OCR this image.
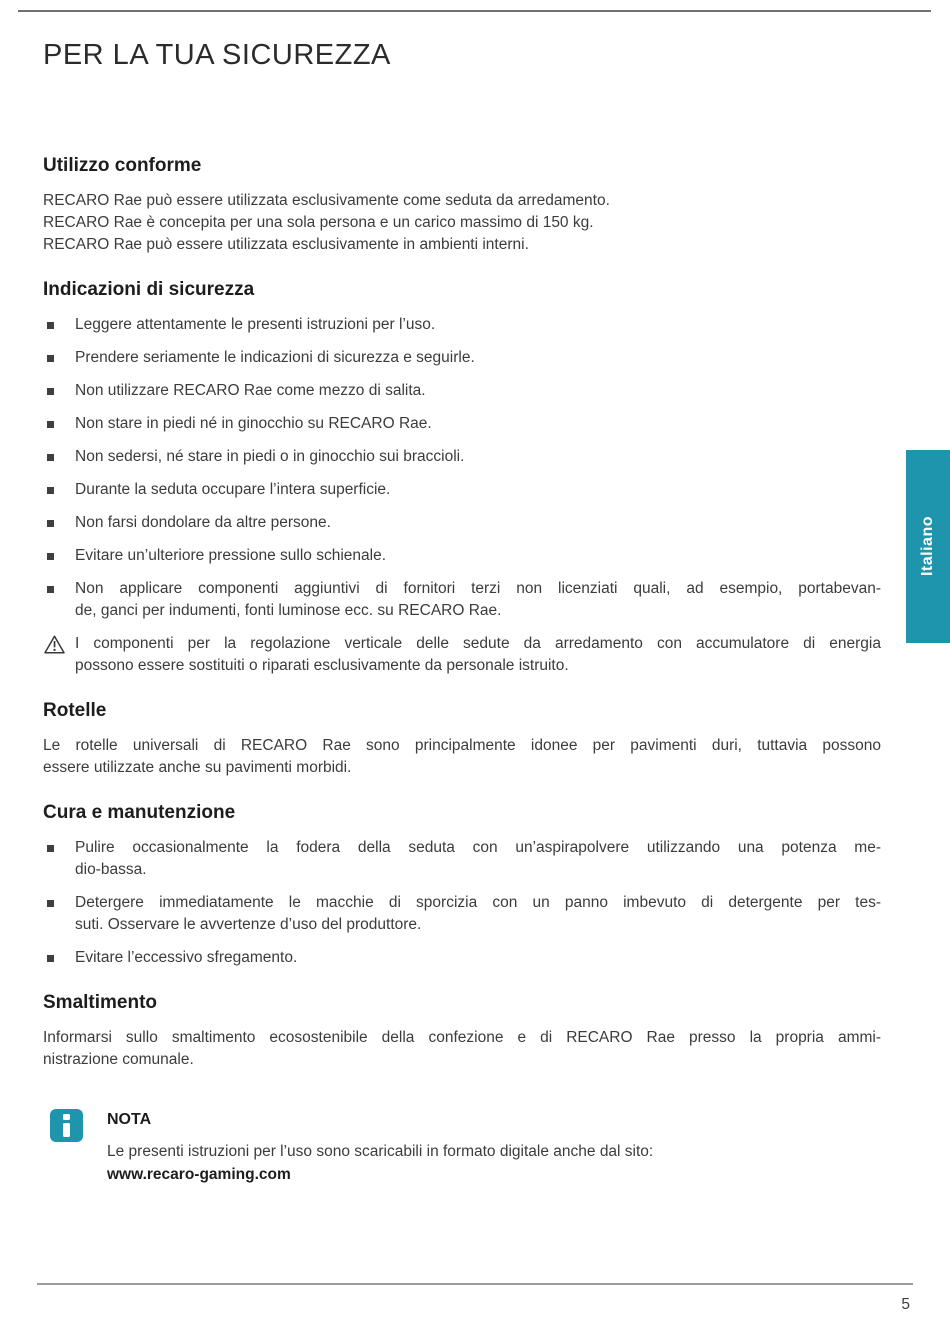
PER LA TUA SICUREZZA
Utilizzo conforme
RECARO Rae può essere utilizzata esclusivamente come seduta da arredamento.
RECARO Rae è concepita per una sola persona e un carico massimo di 150 kg.
RECARO Rae può essere utilizzata esclusivamente in ambienti interni.
Indicazioni di sicurezza
Leggere attentamente le presenti istruzioni per l’uso.
Prendere seriamente le indicazioni di sicurezza e seguirle.
Non utilizzare RECARO Rae come mezzo di salita.
Non stare in piedi né in ginocchio su RECARO Rae.
Non sedersi, né stare in piedi o in ginocchio sui braccioli.
Durante la seduta occupare l’intera superficie.
Non farsi dondolare da altre persone.
Evitare un’ulteriore pressione sullo schienale.
Non applicare componenti aggiuntivi di fornitori terzi non licenziati quali, ad esempio, portabevan-
de, ganci per indumenti, fonti luminose ecc. su RECARO Rae.
I componenti per la regolazione verticale delle sedute da arredamento con accumulatore di energia
possono essere sostituiti o riparati esclusivamente da personale istruito.
Rotelle
Le rotelle universali di RECARO Rae sono principalmente idonee per pavimenti duri, tuttavia possono
essere utilizzate anche su pavimenti morbidi.
Cura e manutenzione
Pulire occasionalmente la fodera della seduta con un’aspirapolvere utilizzando una potenza me-
dio-bassa.
Detergere immediatamente le macchie di sporcizia con un panno imbevuto di detergente per tes-
suti. Osservare le avvertenze d’uso del produttore.
Evitare l’eccessivo sfregamento.
Smaltimento
Informarsi sullo smaltimento ecosostenibile della confezione e di RECARO Rae presso la propria ammi-
nistrazione comunale.
NOTA
Le presenti istruzioni per l’uso sono scaricabili in formato digitale anche dal sito:
www.recaro-gaming.com
Italiano
5
